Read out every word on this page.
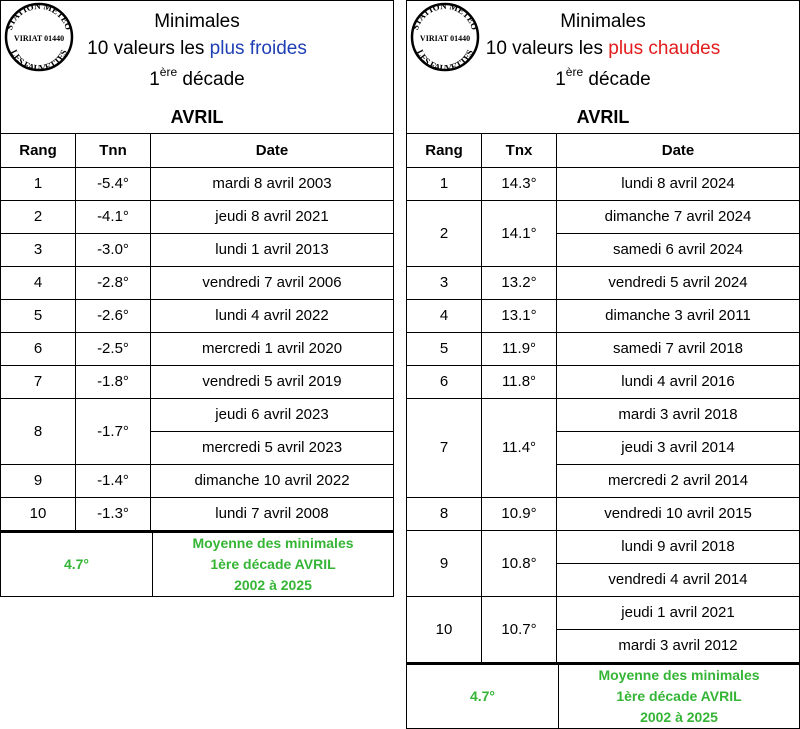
STATION METEO
VIRIAT 01440
LES FAUVETTES
Minimales
10 valeurs les plus froides
1ère décade
AVRIL
Rang	Tnn	Date
1	-5.4°	mardi 8 avril 2003
2	-4.1°	jeudi 8 avril 2021
3	-3.0°	lundi 1 avril 2013
4	-2.8°	vendredi 7 avril 2006
5	-2.6°	lundi 4 avril 2022
6	-2.5°	mercredi 1 avril 2020
7	-1.8°	vendredi 5 avril 2019
8	-1.7°	jeudi 6 avril 2023
		mercredi 5 avril 2023
9	-1.4°	dimanche 10 avril 2022
10	-1.3°	lundi 7 avril 2008
4.7°
Moyenne des minimales
1ère décade AVRIL
2002 à 2025
STATION METEO
VIRIAT 01440
LES FAUVETTES
Minimales
10 valeurs les plus chaudes
1ère décade
AVRIL
Rang	Tnx	Date
1	14.3°	lundi 8 avril 2024
2	14.1°	dimanche 7 avril 2024
		samedi 6 avril 2024
3	13.2°	vendredi 5 avril 2024
4	13.1°	dimanche 3 avril 2011
5	11.9°	samedi 7 avril 2018
6	11.8°	lundi 4 avril 2016
7	11.4°	mardi 3 avril 2018
		jeudi 3 avril 2014
		mercredi 2 avril 2014
8	10.9°	vendredi 10 avril 2015
9	10.8°	lundi 9 avril 2018
		vendredi 4 avril 2014
10	10.7°	jeudi 1 avril 2021
		mardi 3 avril 2012
4.7°
Moyenne des minimales
1ère décade AVRIL
2002 à 2025
